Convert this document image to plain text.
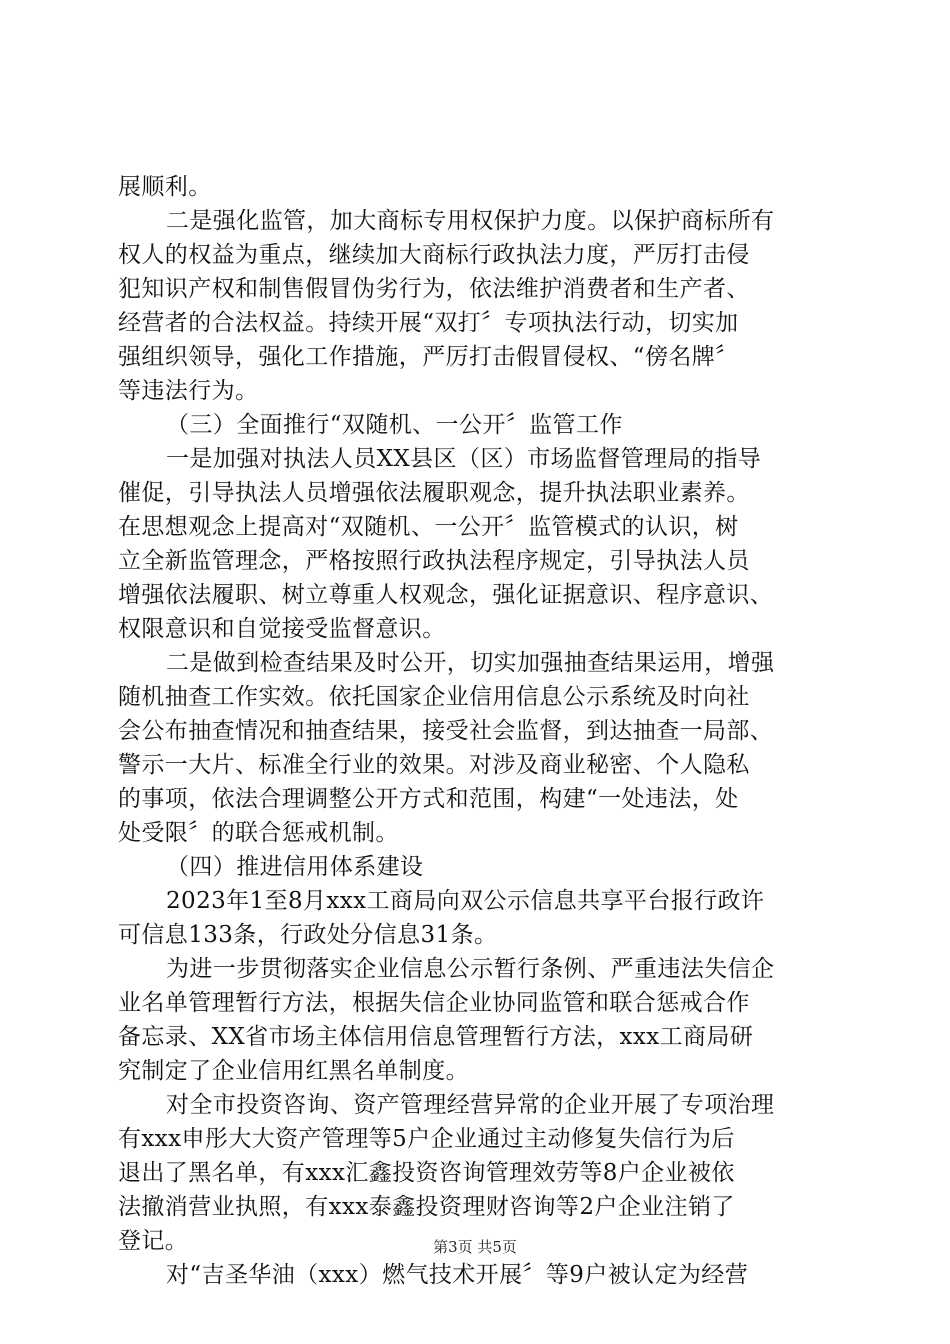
展顺利。
二是强化监管，加大商标专用权保护力度。以保护商标所有
权人的权益为重点，继续加大商标行政执法力度，严厉打击侵
犯知识产权和制售假冒伪劣行为，依法维护消费者和生产者、
经营者的合法权益。持续开展“双打〞专项执法行动，切实加
强组织领导，强化工作措施，严厉打击假冒侵权、“傍名牌〞
等违法行为。
（三）全面推行“双随机、一公开〞监管工作
一是加强对执法人员XX县区（区）市场监督管理局的指导
催促，引导执法人员增强依法履职观念，提升执法职业素养。
在思想观念上提高对“双随机、一公开〞监管模式的认识，树
立全新监管理念，严格按照行政执法程序规定，引导执法人员
增强依法履职、树立尊重人权观念，强化证据意识、程序意识、
权限意识和自觉接受监督意识。
二是做到检查结果及时公开，切实加强抽查结果运用，增强
随机抽查工作实效。依托国家企业信用信息公示系统及时向社
会公布抽查情况和抽查结果，接受社会监督，到达抽查一局部、
警示一大片、标准全行业的效果。对涉及商业秘密、个人隐私
的事项，依法合理调整公开方式和范围，构建“一处违法，处
处受限〞的联合惩戒机制。
（四）推进信用体系建设
2023年1至8月xxx工商局向双公示信息共享平台报行政许
可信息133条，行政处分信息31条。
为进一步贯彻落实企业信息公示暂行条例、严重违法失信企
业名单管理暂行方法，根据失信企业协同监管和联合惩戒合作
备忘录、XX省市场主体信用信息管理暂行方法，xxx工商局研
究制定了企业信用红黑名单制度。
对全市投资咨询、资产管理经营异常的企业开展了专项治理
有xxx申彤大大资产管理等5户企业通过主动修复失信行为后
退出了黑名单，有xxx汇鑫投资咨询管理效劳等8户企业被依
法撤消营业执照，有xxx泰鑫投资理财咨询等2户企业注销了
登记。
对“吉圣华油（xxx）燃气技术开展〞等9户被认定为经营
第3页 共5页
